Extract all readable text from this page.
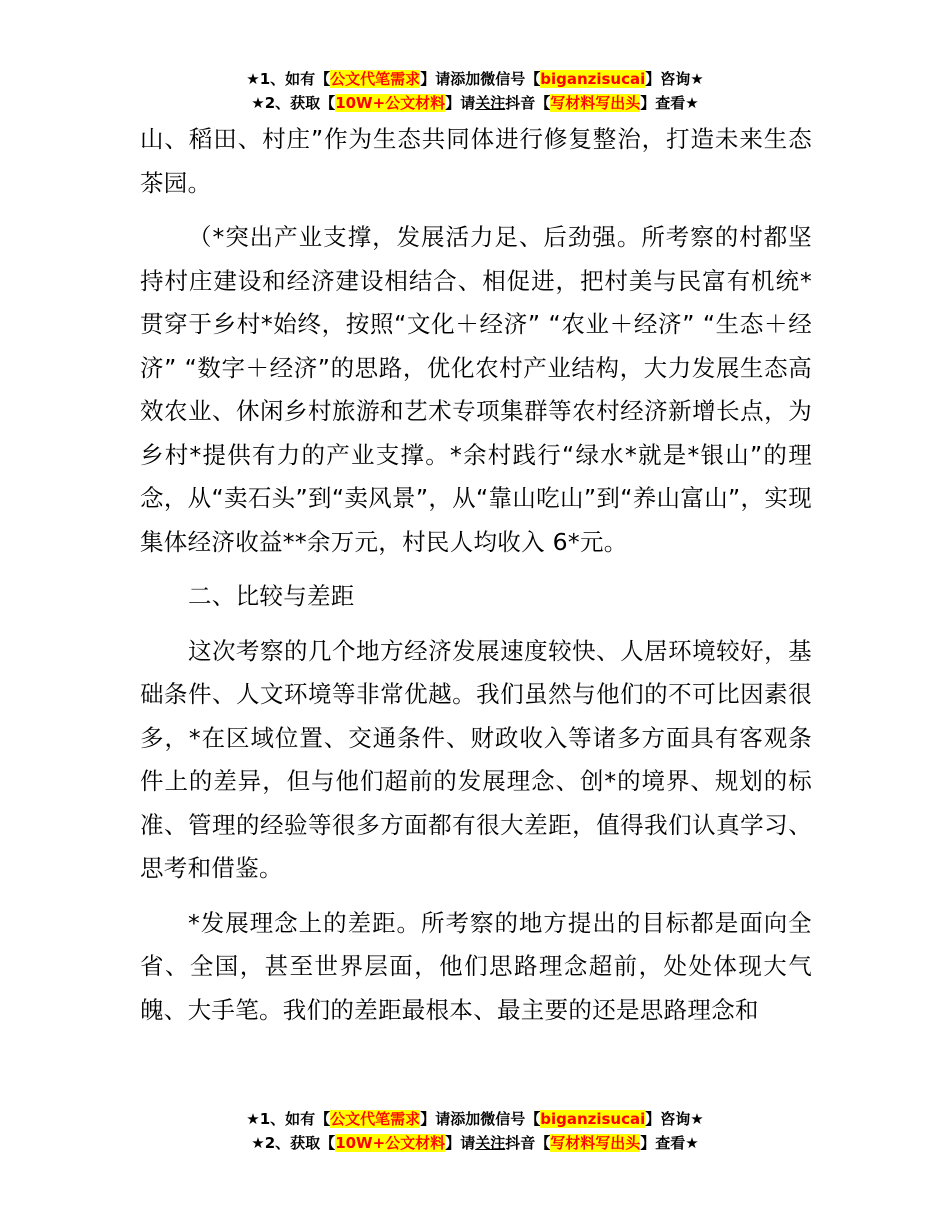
★1、如有【公文代笔需求】请添加微信号【biganzisucai】咨询★
★2、获取【10W+公文材料】请关注抖音【写材料写出头】查看★

山、稻田、村庄”作为生态共同体进行修复整治，打造未来生态茶园。

（*突出产业支撑，发展活力足、后劲强。所考察的村都坚持村庄建设和经济建设相结合、相促进，把村美与民富有机统*贯穿于乡村*始终，按照“文化＋经济” “农业＋经济” “生态＋经济” “数字＋经济”的思路，优化农村产业结构，大力发展生态高效农业、休闲乡村旅游和艺术专项集群等农村经济新增长点，为乡村*提供有力的产业支撑。*余村践行“绿水*就是*银山”的理念，从“卖石头”到“卖风景”，从“靠山吃山”到“养山富山”，实现集体经济收益**余万元，村民人均收入 6*元。

二、比较与差距

这次考察的几个地方经济发展速度较快、人居环境较好，基础条件、人文环境等非常优越。我们虽然与他们的不可比因素很多，*在区域位置、交通条件、财政收入等诸多方面具有客观条件上的差异，但与他们超前的发展理念、创*的境界、规划的标准、管理的经验等很多方面都有很大差距，值得我们认真学习、思考和借鉴。

*发展理念上的差距。所考察的地方提出的目标都是面向全省、全国，甚至世界层面，他们思路理念超前，处处体现大气魄、大手笔。我们的差距最根本、最主要的还是思路理念和

★1、如有【公文代笔需求】请添加微信号【biganzisucai】咨询★
★2、获取【10W+公文材料】请关注抖音【写材料写出头】查看★
